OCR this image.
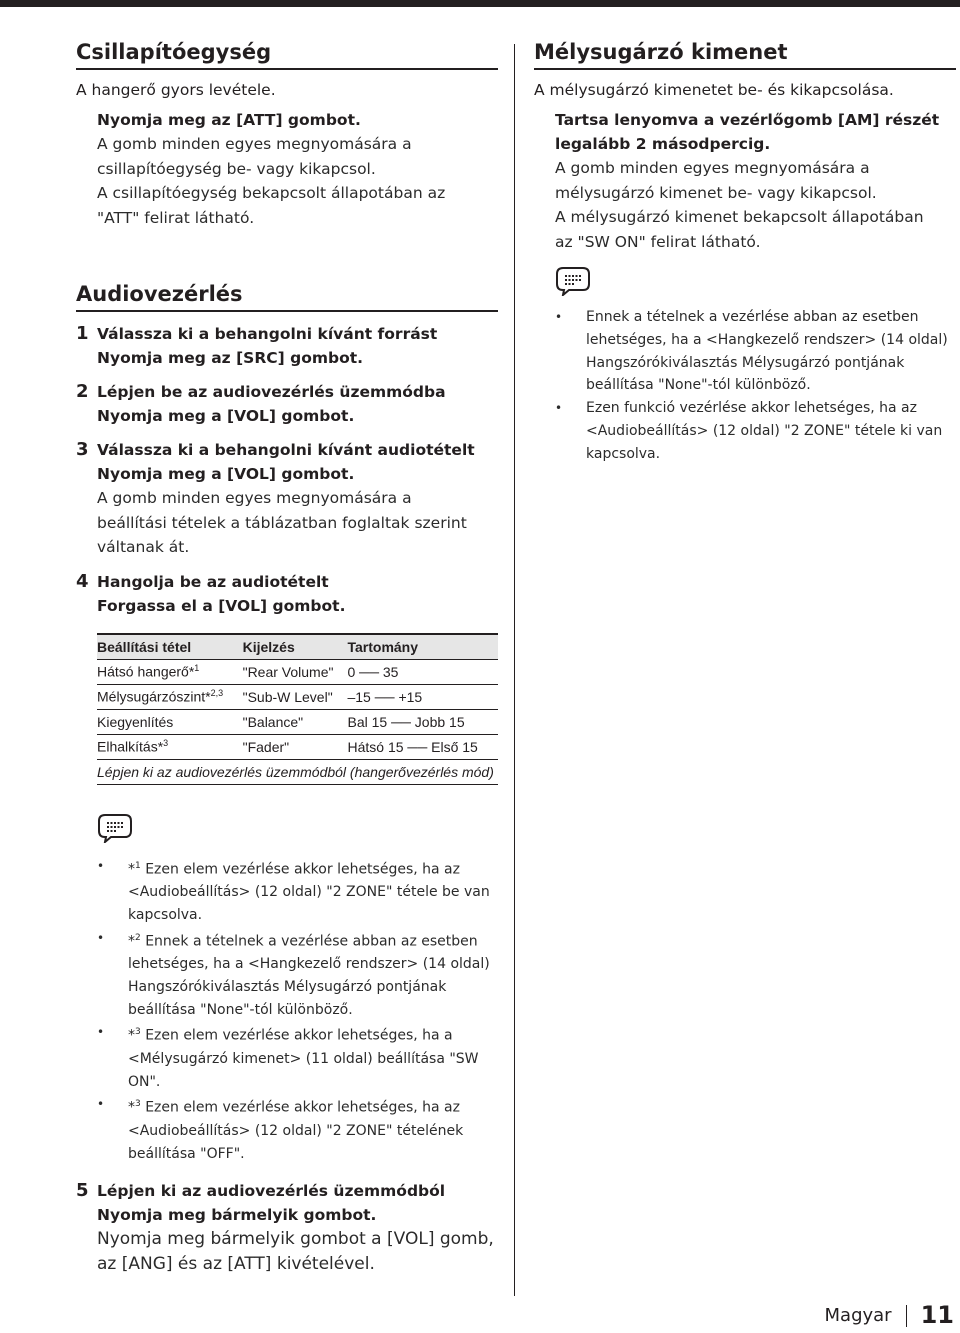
Csillapítóegység
A hangerő gyors levétele.
Nyomja meg az [ATT] gombot.
A gomb minden egyes megnyomására a
csillapítóegység be- vagy kikapcsol.
A csillapítóegység bekapcsolt állapotában az
"ATT" felirat látható.
Audiovezérlés
1 Válassza ki a behangolni kívánt forrást
Nyomja meg az [SRC] gombot.
2 Lépjen be az audiovezérlés üzemmódba
Nyomja meg a [VOL] gombot.
3 Válassza ki a behangolni kívánt audiotételt
Nyomja meg a [VOL] gombot.
A gomb minden egyes megnyomására a
beállítási tételek a táblázatban foglaltak szerint
váltanak át.
4 Hangolja be az audiotételt
Forgassa el a [VOL] gombot.
Beállítási tétel	Kijelzés	Tartomány
Hátsó hangerő*$^1$	"Rear Volume"	0 ── 35
Mélysugárzószint*$^{2,3}$	"Sub-W Level"	–15 ── +15
Kiegyenlítés	"Balance"	Bal 15 ── Jobb 15
Elhalkítás*$^3$	"Fader"	Hátsó 15 ── Első 15
Lépjen ki az audiovezérlés üzemmódból (hangerővezérlés mód)		
• *$^1$ Ezen elem vezérlése akkor lehetséges, ha az
<Audiobeállítás> (12 oldal) "2 ZONE" tétele be van
kapcsolva.
• *$^2$ Ennek a tételnek a vezérlése abban az esetben
lehetséges, ha a <Hangkezelő rendszer> (14 oldal)
Hangszórókiválasztás Mélysugárzó pontjának
beállítása "None"-tól különböző.
• *$^3$ Ezen elem vezérlése akkor lehetséges, ha a
<Mélysugárzó kimenet> (11 oldal) beállítása "SW ON".
• *$^3$ Ezen elem vezérlése akkor lehetséges, ha az
<Audiobeállítás> (12 oldal) "2 ZONE" tételének
beállítása "OFF".
5 Lépjen ki az audiovezérlés üzemmódból
Nyomja meg bármelyik gombot.
Nyomja meg bármelyik gombot a [VOL] gomb,
az [ANG] és az [ATT] kivételével.
Mélysugárzó kimenet
A mélysugárzó kimenetet be- és kikapcsolása.
Tartsa lenyomva a vezérlőgomb [AM] részét
legalább 2 másodpercig.
A gomb minden egyes megnyomására a
mélysugárzó kimenet be- vagy kikapcsol.
A mélysugárzó kimenet bekapcsolt állapotában
az "SW ON" felirat látható.
• Ennek a tételnek a vezérlése abban az esetben
lehetséges, ha a <Hangkezelő rendszer> (14 oldal)
Hangszórókiválasztás Mélysugárzó pontjának
beállítása "None"-tól különböző.
• Ezen funkció vezérlése akkor lehetséges, ha az
<Audiobeállítás> (12 oldal) "2 ZONE" tétele ki van
kapcsolva.
Magyar	11
